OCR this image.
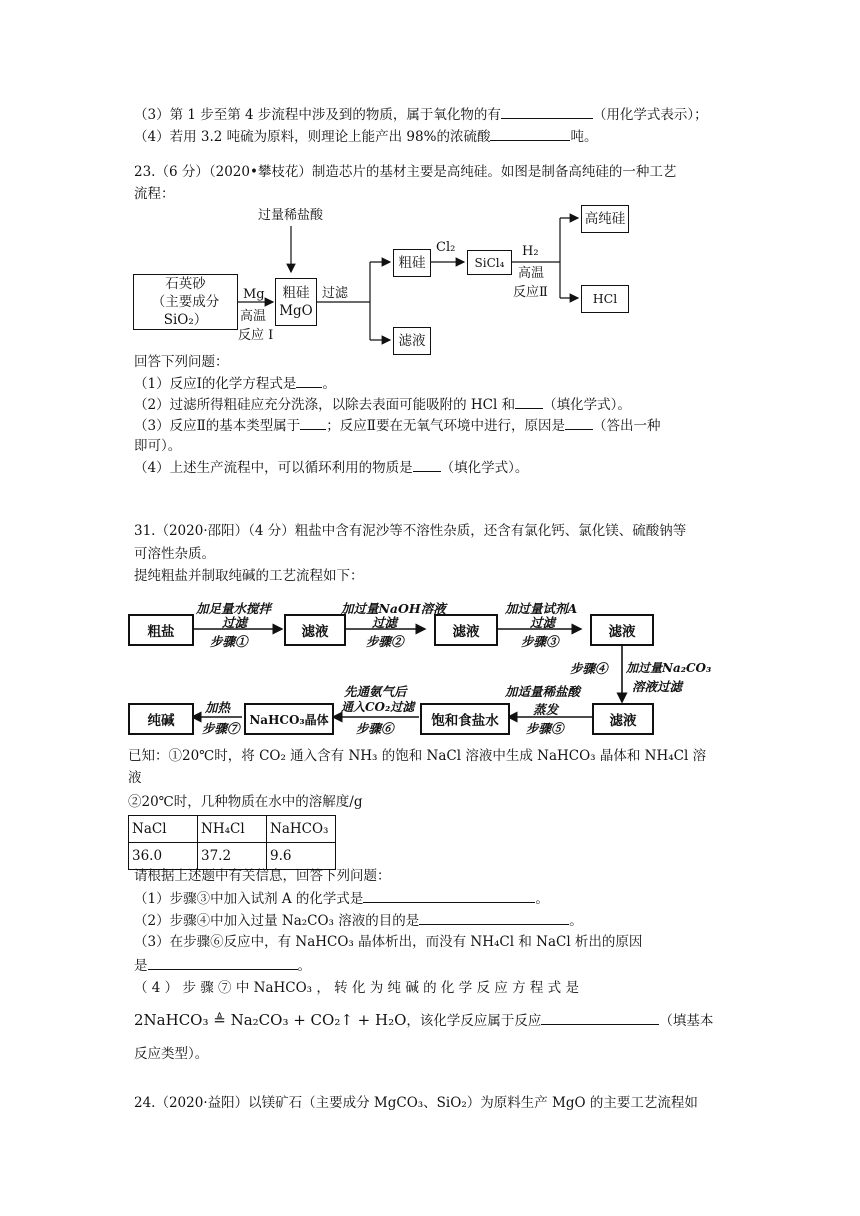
（3）第 1 步至第 4 步流程中涉及到的物质，属于氧化物的有	（用化学式表示）；
（4）若用 3.2 吨硫为原料，则理论上能产出 98%的浓硫酸	吨。
23.（6 分）（2020•攀枝花）制造芯片的基材主要是高纯硅。如图是制备高纯硅的一种工艺
流程：
过量稀盐酸
石英砂
（主要成分SiO₂）
Mg
高温
反应 I
粗硅
MgO
过滤
粗硅
滤液
Cl₂
SiCl₄
H₂
高温
反应Ⅱ
高纯硅
HCl
回答下列问题：
（1）反应Ⅰ的化学方程式是 。
（2）过滤所得粗硅应充分洗涤，以除去表面可能吸附的 HCl 和 （填化学式）。
（3）反应Ⅱ的基本类型属于 ；反应Ⅱ要在无氧气环境中进行，原因是 （答出一种
即可）。
（4）上述生产流程中，可以循环利用的物质是 （填化学式）。
31.（2020·邵阳）（4 分）粗盐中含有泥沙等不溶性杂质，还含有氯化钙、氯化镁、硫酸钠等
可溶性杂质。
提纯粗盐并制取纯碱的工艺流程如下：
粗盐	滤液	滤液	滤液
滤液
饱和食盐水
NaHCO₃晶体
纯碱
加足量水搅拌
过滤
步骤①
加过量NaOH溶液
过滤
步骤②
加过量试剂A
过滤
步骤③
步骤④ 加过量Na₂CO₃
溶液过滤
加适量稀盐酸
蒸发
步骤⑤
先通氨气后
通入CO₂过滤
步骤⑥
加热
步骤⑦
已知：①20℃时，将 CO₂ 通入含有 NH₃ 的饱和 NaCl 溶液中生成 NaHCO₃ 晶体和 NH₄Cl 溶
液
②20℃时，几种物质在水中的溶解度/g
NaCl	NH₄Cl	NaHCO₃
36.0	37.2	9.6
请根据上述题中有关信息，回答下列问题：
（1）步骤③中加入试剂 A 的化学式是	。
（2）步骤④中加入过量 Na₂CO₃ 溶液的目的是	。
（3）在步骤⑥反应中，有 NaHCO₃ 晶体析出，而没有 NH₄Cl 和 NaCl 析出的原因
是	。
（ 4 ） 步 骤 ⑦ 中 NaHCO₃ ， 转 化 为 纯 碱 的 化 学 反 应 方 程 式 是
2NaHCO₃ ≜ Na₂CO₃ + CO₂↑ + H₂O，该化学反应属于反应	（填基本
反应类型）。
24.（2020·益阳）以镁矿石（主要成分 MgCO₃、SiO₂）为原料生产 MgO 的主要工艺流程如
